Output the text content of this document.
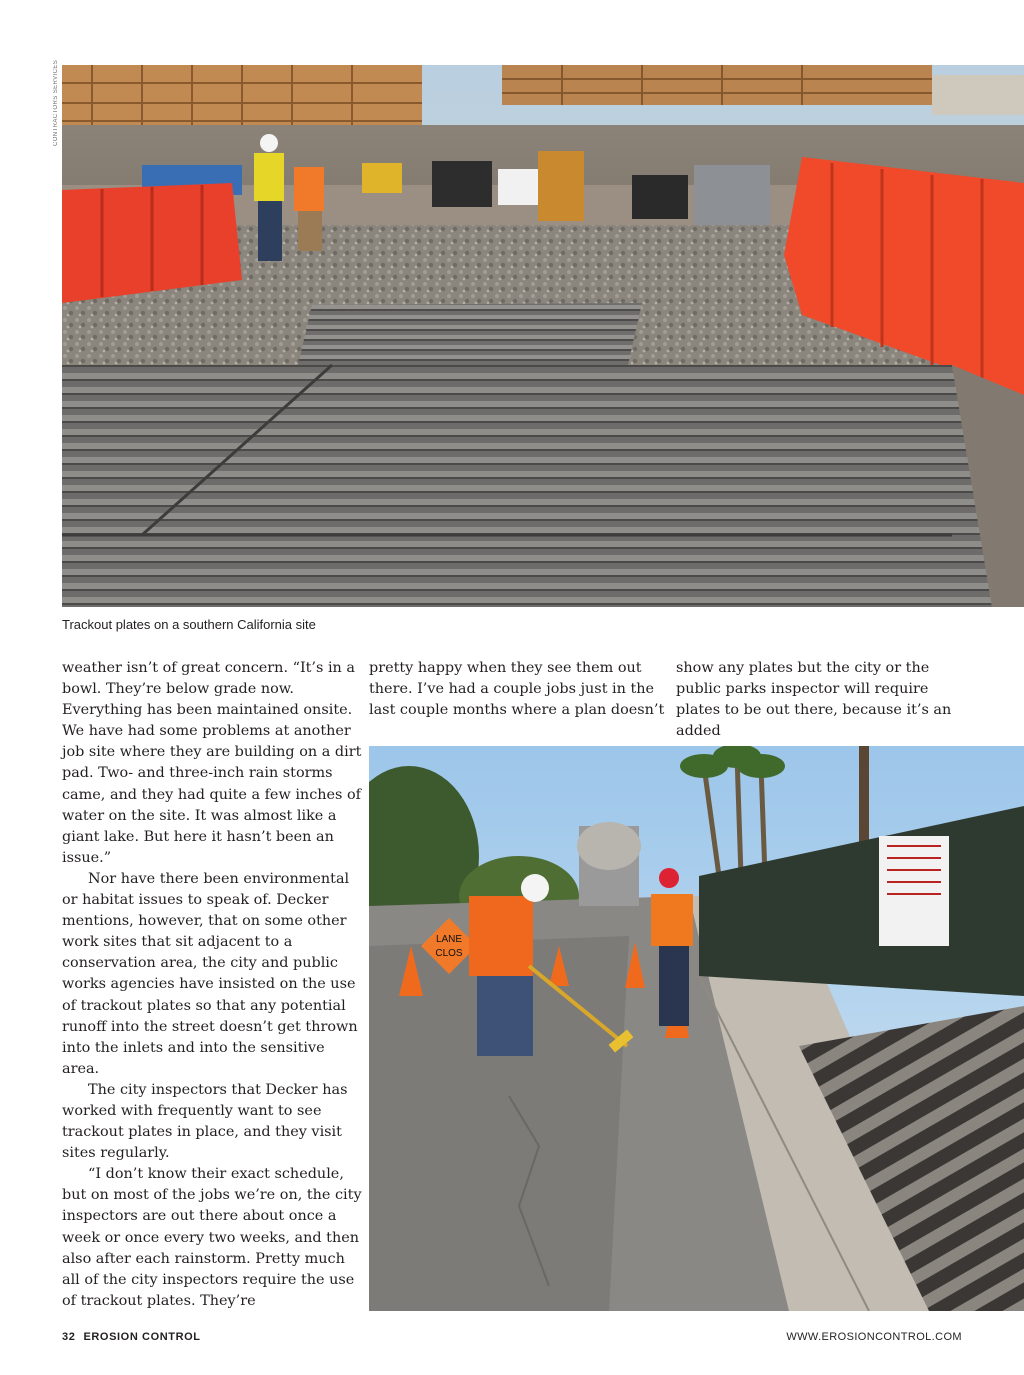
CONTRACTORS SERVICES
Trackout plates on a southern California site

weather isn’t of great concern. “It’s in a bowl. They’re below grade now. Everything has been maintained onsite. We have had some problems at another job site where they are building on a dirt pad. Two- and three-inch rain storms came, and they had quite a few inches of water on the site. It was almost like a giant lake. But here it hasn’t been an issue.”

Nor have there been environmental or habitat issues to speak of. Decker mentions, however, that on some other work sites that sit adjacent to a conservation area, the city and public works agencies have insisted on the use of trackout plates so that any potential runoff into the street doesn’t get thrown into the inlets and into the sensitive area.

The city inspectors that Decker has worked with frequently want to see trackout plates in place, and they visit sites regularly.

“I don’t know their exact schedule, but on most of the jobs we’re on, the city inspectors are out there about once a week or once every two weeks, and then also after each rainstorm. Pretty much all of the city inspectors require the use of trackout plates. They’re

pretty happy when they see them out there. I’ve had a couple jobs just in the last couple months where a plan doesn’t

show any plates but the city or the public parks inspector will require plates to be out there, because it’s an added

LANE
CLOS
32 EROSION CONTROL	WWW.EROSIONCONTROL.COM
